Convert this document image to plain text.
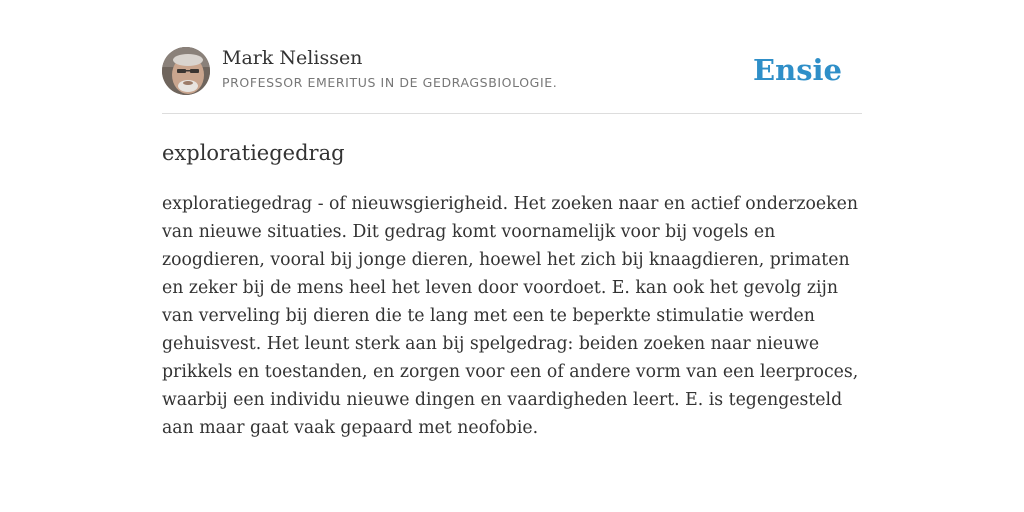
Mark Nelissen
PROFESSOR EMERITUS IN DE GEDRAGSBIOLOGIE.	Ensie
exploratiegedrag

exploratiegedrag - of nieuwsgierigheid. Het zoeken naar en actief onderzoeken van nieuwe situaties. Dit gedrag komt voornamelijk voor bij vogels en zoogdieren, vooral bij jonge dieren, hoewel het zich bij knaagdieren, primaten en zeker bij de mens heel het leven door voordoet. E. kan ook het gevolg zijn van verveling bij dieren die te lang met een te beperkte stimulatie werden gehuisvest. Het leunt sterk aan bij spelgedrag: beiden zoeken naar nieuwe prikkels en toestanden, en zorgen voor een of andere vorm van een leerproces, waarbij een individu nieuwe dingen en vaardigheden leert. E. is tegengesteld aan maar gaat vaak gepaard met neofobie.
